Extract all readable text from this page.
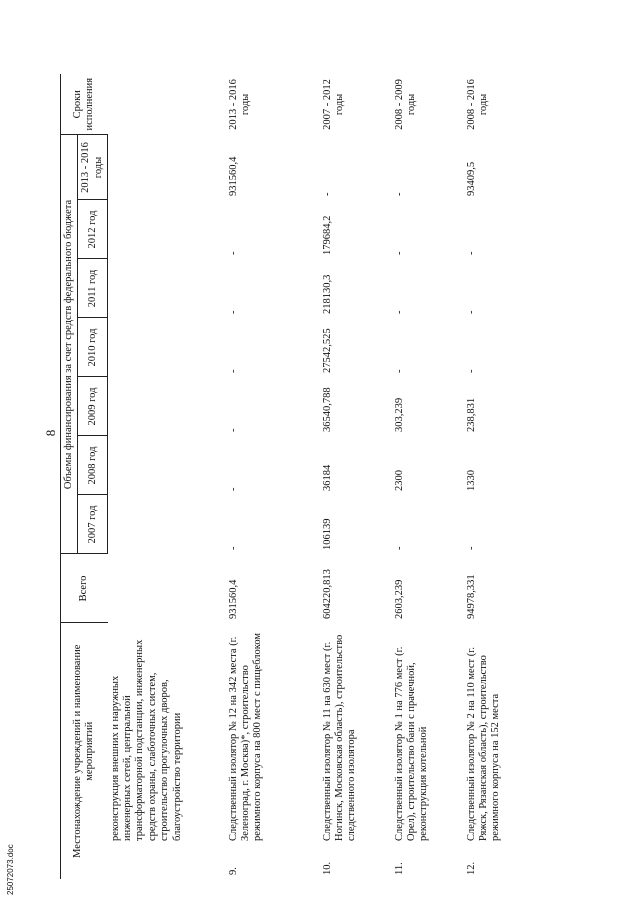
8
Местонахождение учреждений и наименование мероприятий		Всего	Объемы финансирования за счет средств федерального бюджета							Сроки исполнения
			2007 год	2008 год	2009 год	2010 год	2011 год	2012 год	2013 - 2016 годы	
	реконструкция внешних и наружных инженерных сетей, центральной трансформаторной подстанции, инженерных средств охраны, слаботочных систем, строительство прогулочных дворов, благоустройство территории									
9.	Следственный изолятор № 12 на 342 места (г. Зеленоград, г. Москва)*, строительство режимного корпуса на 800 мест с пищеблоком	931560,4	-	-	-	-	-	-	931560,4	2013 - 2016 годы
10.	Следственный изолятор № 11 на 630 мест (г. Ногинск, Московская область), строительство следственного изолятора	604220,813	106139	36184	36540,788	27542,525	218130,3	179684,2	-	2007 - 2012 годы
11.	Следственный изолятор № 1 на 776 мест (г. Орел), строительство бани с прачечной, реконструкция котельной	2603,239	-	2300	303,239	-	-	-	-	2008 - 2009 годы
12.	Следственный изолятор № 2 на 110 мест (г. Ряжск, Рязанская область), строительство режимного корпуса на 152 места	94978,331	-	1330	238,831	-	-	-	93409,5	2008 - 2016 годы
25072073.doc
